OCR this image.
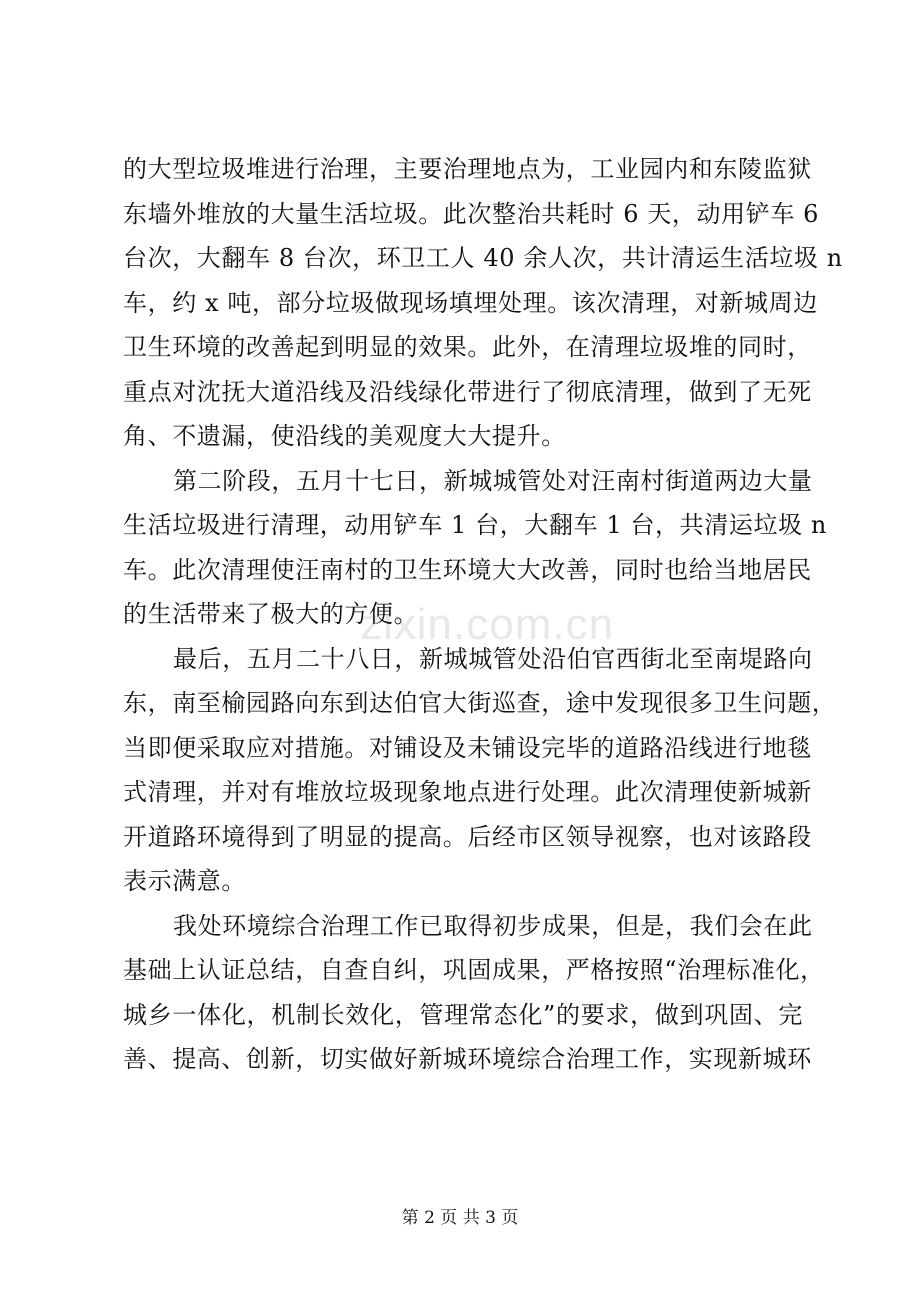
zixin.com.cn
的大型垃圾堆进行治理，主要治理地点为，工业园内和东陵监狱
东墙外堆放的大量生活垃圾。此次整治共耗时 6 天，动用铲车 6
台次，大翻车 8 台次，环卫工人 40 余人次，共计清运生活垃圾 n
车，约 x 吨，部分垃圾做现场填埋处理。该次清理，对新城周边
卫生环境的改善起到明显的效果。此外，在清理垃圾堆的同时，
重点对沈抚大道沿线及沿线绿化带进行了彻底清理，做到了无死
角、不遗漏，使沿线的美观度大大提升。
第二阶段，五月十七日，新城城管处对汪南村街道两边大量
生活垃圾进行清理，动用铲车 1 台，大翻车 1 台，共清运垃圾 n
车。此次清理使汪南村的卫生环境大大改善，同时也给当地居民
的生活带来了极大的方便。
最后，五月二十八日，新城城管处沿伯官西街北至南堤路向
东，南至榆园路向东到达伯官大街巡查，途中发现很多卫生问题，
当即便采取应对措施。对铺设及未铺设完毕的道路沿线进行地毯
式清理，并对有堆放垃圾现象地点进行处理。此次清理使新城新
开道路环境得到了明显的提高。后经市区领导视察，也对该路段
表示满意。
我处环境综合治理工作已取得初步成果，但是，我们会在此
基础上认证总结，自查自纠，巩固成果，严格按照“治理标准化，
城乡一体化，机制长效化，管理常态化”的要求，做到巩固、完
善、提高、创新，切实做好新城环境综合治理工作，实现新城环
第 2 页 共 3 页
